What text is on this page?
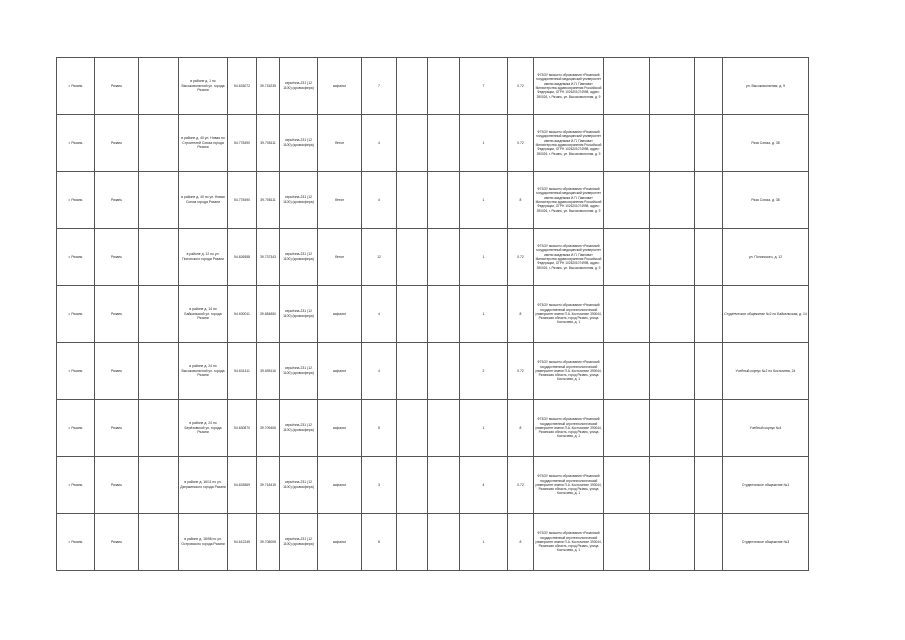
г. Рязань	Рязань		в районе д. 1 по Высоковольтной ул. города Рязани	54.633072	39.715235	серьёзна-231 (12 1100) (кровосфера)	асфальт	7			7	0.72	ФГБОУ высшего образования «Рязанский государственный медицинский университет имени академика И.П. Павлова» Министерства здравоохранения Российской Федерации, ОГРН 1026201074998, адрес: 390026, г. Рязань, ул. Высоковольтная, д. 9				ул. Высоковольтная, д. 9
г. Рязань	Рязань		в районе д. 40 ул. Новая по Строителей Союза города Рязани	54.778490	39.708111	серьёзна-231 (12 1100) (кровосфера)	бетон	4			1	0.72	ФГБОУ высшего образования «Рязанский государственный медицинский университет имени академика И.П. Павлова» Министерства здравоохранения Российской Федерации, ОГРН 1026201074998, адрес: 390026, г. Рязань, ул. Высоковольтная, д. 9				Ряза Союза, д. 38
г. Рязань	Рязань		в районе д. 40 по ул. Новая Союза города Рязани	54.778490	39.708111	серьёзна-231 (12 1100) (кровосфера)	бетон	4			1	8	ФГБОУ высшего образования «Рязанский государственный медицинский университет имени академика И.П. Павлова» Министерства здравоохранения Российской Федерации, ОГРН 1026201074998, адрес: 390026, г. Рязань, ул. Высоковольтная, д. 9				Ряза Союза, д. 38
г. Рязань	Рязань		в районе д. 12 по ул. Полонского города Рязани	54.626558	39.737343	серьёзна-231 (12 1100) (кровосфера)	бетон	12			1	0.72	ФГБОУ высшего образования «Рязанский государственный медицинский университет имени академика И.П. Павлова» Министерства здравоохранения Российской Федерации, ОГРН 1026201074998, адрес: 390026, г. Рязань, ул. Высоковольтная, д. 9				ул. Полонского, д. 12
г. Рязань	Рязань		в районе д. 14 по Байкальской ул. города Рязани	54.630011	39.684850	серьёзна-231 (12 1100) (кровосфера)	асфальт	4			1	8	ФГБОУ высшего образования «Рязанский государственный агротехнологический университет имени П.А. Костычева» 390044, Рязанская область, город Рязань, улица Костычева, д. 1				Студенческое общежитие №2 по Байкальская, д. 14
г. Рязань	Рязань		в районе д. 24 по Высоковольтной ул. города Рязани	54.631411	39.695116	серьёзна-231 (12 1100) (кровосфера)	асфальт	4			2	0.72	ФГБОУ высшего образования «Рязанский государственный агротехнологический университет имени П.А. Костычева» 390044, Рязанская область, город Рязань, улица Костычева, д. 1				Учебный корпус №2 по Костычева, 24
г. Рязань	Рязань		в районе д. 24 по Берёзовской ул. города Рязани	54.630870	39.709406	серьёзна-231 (12 1100) (кровосфера)	асфальт	5			1	8	ФГБОУ высшего образования «Рязанский государственный агротехнологический университет имени П.А. Костычева» 390044, Рязанская область, город Рязань, улица Костычева, д. 1				Учебный корпус №4
г. Рязань	Рязань		в районе д. 16/11 по ул. Дзержинского города Рязани	54.633569	39.718415	серьёзна-231 (12 1100) (кровосфера)	асфальт	3			4	0.72	ФГБОУ высшего образования «Рязанский государственный агротехнологический университет имени П.А. Костычева» 390044, Рязанская область, город Рязань, улица Костычева, д. 1				Студенческое общежитие №1
г. Рязань	Рязань		в районе д. 18/98 по ул. Островского города Рязани	54.612245	39.708006	серьёзна-231 (12 1100) (кровосфера)	асфальт	8			1	8	ФГБОУ высшего образования «Рязанский государственный агротехнологический университет имени П.А. Костычева» 390044, Рязанская область, город Рязань, улица Костычева, д. 1				Студенческое общежитие №3
